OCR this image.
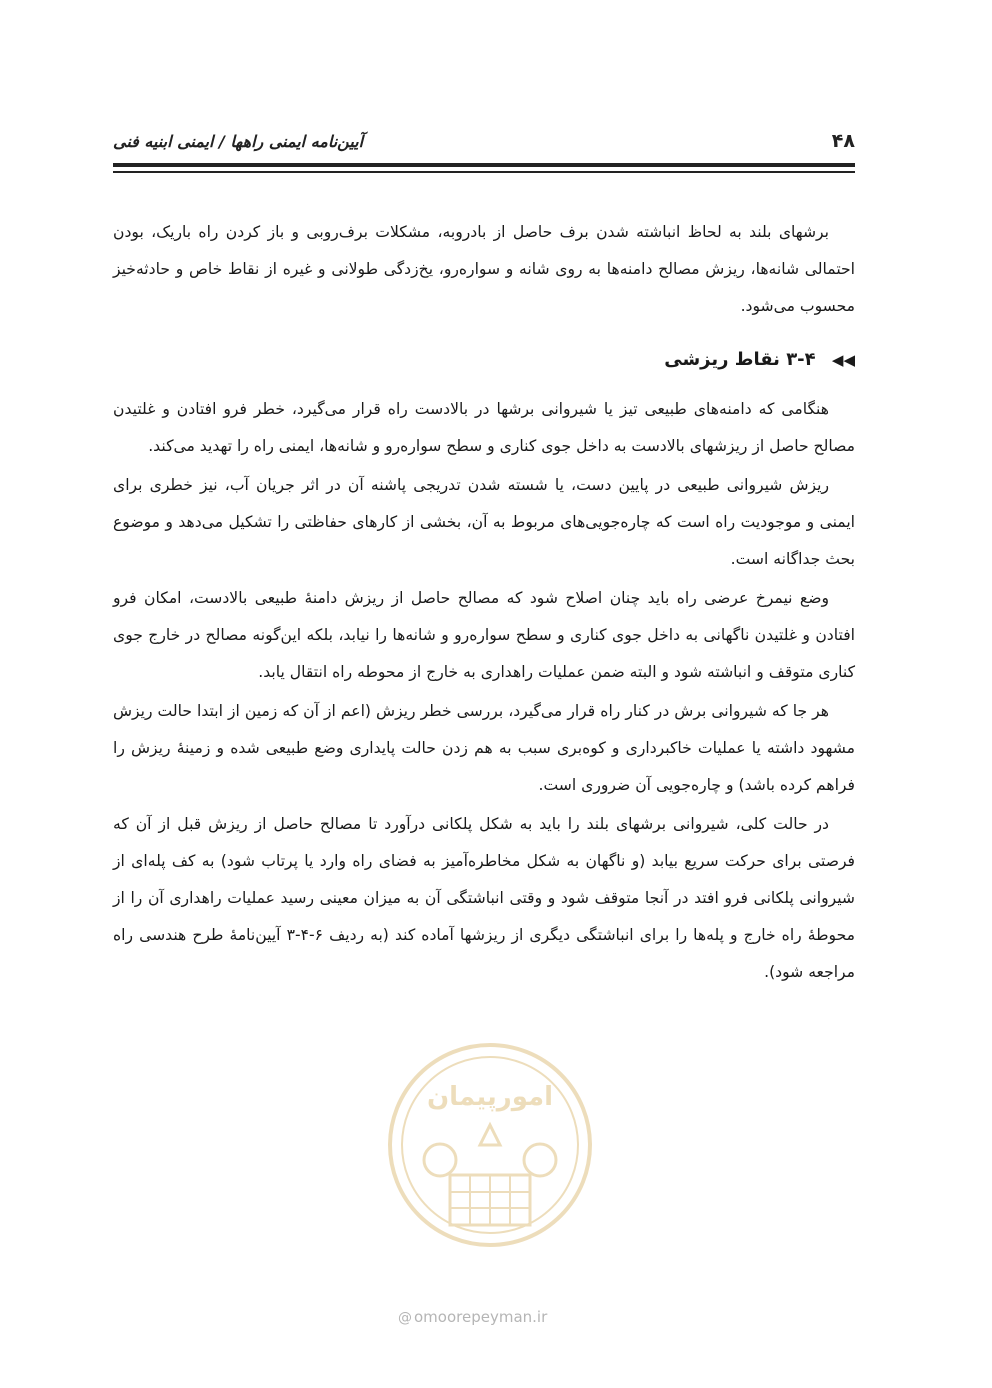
۴۸
آیین‌نامه ایمنی راهها / ایمنی ابنیه فنی

برشهای بلند به لحاظ انباشته شدن برف حاصل از بادروبه، مشکلات برف‌روبی و باز کردن راه باریک، بودن احتمالی شانه‌ها، ریزش مصالح دامنه‌ها به روی شانه و سواره‌رو، یخ‌زدگی طولانی و غیره از نقاط خاص و حادثه‌خیز محسوب می‌شود.

◀◀ ۳-۴ نقاط ریزشی

هنگامی که دامنه‌های طبیعی تیز یا شیروانی برشها در بالادست راه قرار می‌گیرد، خطر فرو افتادن و غلتیدن مصالح حاصل از ریزشهای بالادست به داخل جوی کناری و سطح سواره‌رو و شانه‌ها، ایمنی راه را تهدید می‌کند.

ریزش شیروانی طبیعی در پایین دست، یا شسته شدن تدریجی پاشنه آن در اثر جریان آب، نیز خطری برای ایمنی و موجودیت راه است که چاره‌جویی‌های مربوط به آن، بخشی از کارهای حفاظتی را تشکیل می‌دهد و موضوع بحث جداگانه است.

وضع نیمرخ عرضی راه باید چنان اصلاح شود که مصالح حاصل از ریزش دامنهٔ طبیعی بالادست، امکان فرو افتادن و غلتیدن ناگهانی به داخل جوی کناری و سطح سواره‌رو و شانه‌ها را نیابد، بلکه این‌گونه مصالح در خارج جوی کناری متوقف و انباشته شود و البته ضمن عملیات راهداری به خارج از محوطه راه انتقال یابد.

هر جا که شیروانی برش در کنار راه قرار می‌گیرد، بررسی خطر ریزش (اعم از آن که زمین از ابتدا حالت ریزش مشهود داشته یا عملیات خاکبرداری و کوه‌بری سبب به هم زدن حالت پایداری وضع طبیعی شده و زمینهٔ ریزش را فراهم کرده باشد) و چاره‌جویی آن ضروری است.

در حالت کلی، شیروانی برشهای بلند را باید به شکل پلکانی درآورد تا مصالح حاصل از ریزش قبل از آن که فرصتی برای حرکت سریع بیابد (و ناگهان به شکل مخاطره‌آمیز به فضای راه وارد یا پرتاب شود) به کف پله‌ای از شیروانی پلکانی فرو افتد در آنجا متوقف شود و وقتی انباشتگی آن به میزان معینی رسید عملیات راهداری آن را از محوطهٔ راه خارج و پله‌ها را برای انباشتگی دیگری از ریزشها آماده کند (به ردیف ۶-۴-۳ آیین‌نامهٔ طرح هندسی راه مراجعه شود).

امورپیمان
@ omoorepeyman.ir
